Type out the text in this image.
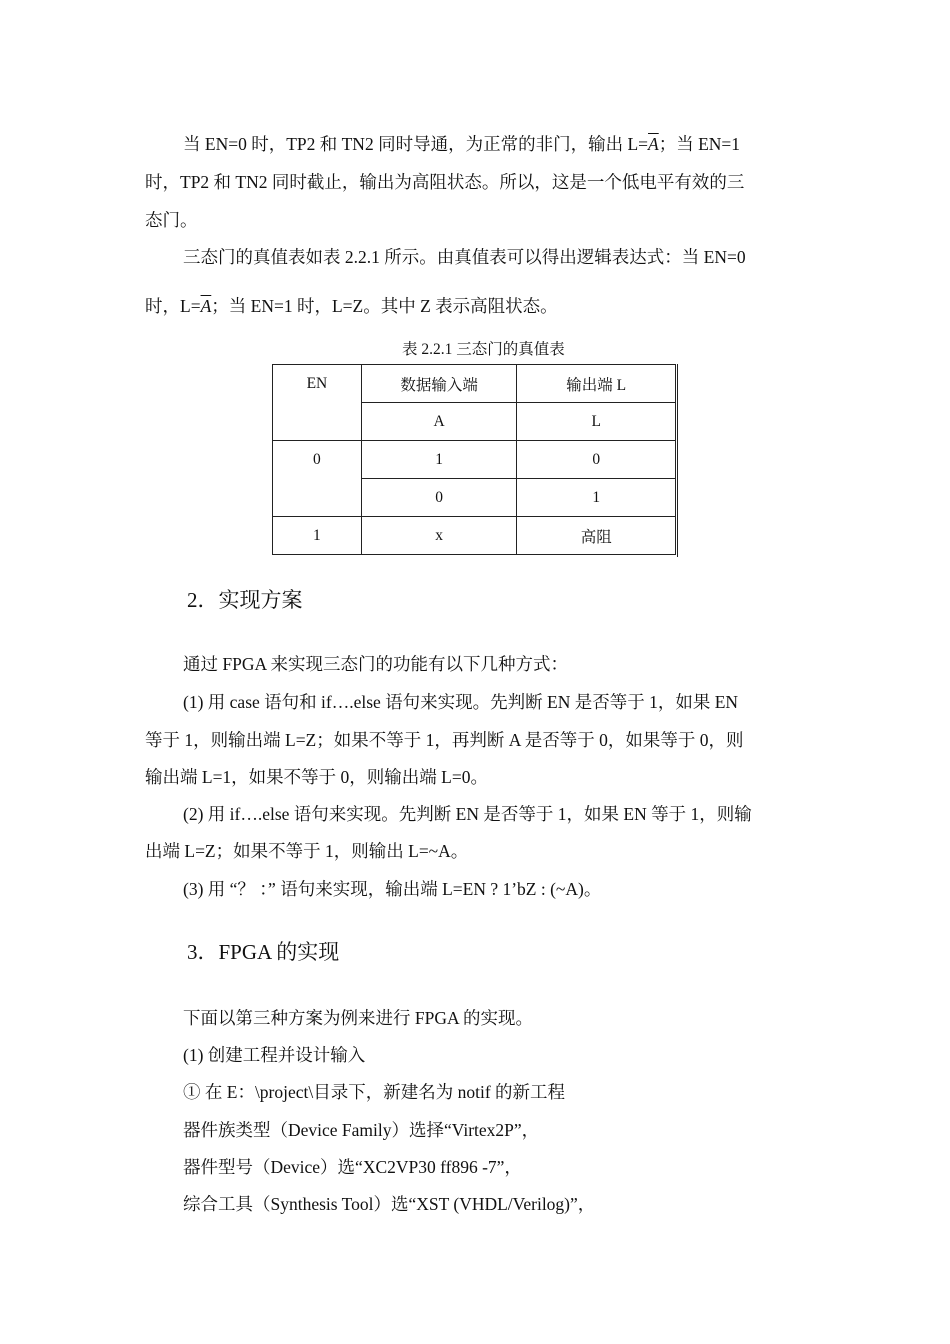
当 EN=0 时，TP2 和 TN2 同时导通，为正常的非门，输出 $L=\overline{A}$；当 EN=1
时，TP2 和 TN2 同时截止，输出为高阻状态。所以，这是一个低电平有效的三
态门。
三态门的真值表如表 2.2.1 所示。由真值表可以得出逻辑表达式：当 EN=0
时，$L=\overline{A}$；当 EN=1 时，L=Z。其中 Z 表示高阻状态。
表 2.2.1 三态门的真值表
EN	数据输入端	输出端 L
	A	L
0	1	0
	0	1
1	x	高阻
2．实现方案
通过 FPGA 来实现三态门的功能有以下几种方式：
(1) 用 case 语句和 if….else 语句来实现。先判断 EN 是否等于 1，如果 EN
等于 1，则输出端 L=Z；如果不等于 1，再判断 A 是否等于 0，如果等于 0，则
输出端 L=1，如果不等于 0，则输出端 L=0。
(2) 用 if….else 语句来实现。先判断 EN 是否等于 1，如果 EN 等于 1，则输
出端 L=Z；如果不等于 1，则输出 L=~A。
(3) 用 “？ ：” 语句来实现，输出端 L=EN ? 1’bZ : (~A)。
3．FPGA 的实现
下面以第三种方案为例来进行 FPGA 的实现。
(1) 创建工程并设计输入
① 在 E：\project\目录下，新建名为 notif 的新工程
器件族类型（Device Family）选择“Virtex2P”，
器件型号（Device）选“XC2VP30 ff896 -7”，
综合工具（Synthesis Tool）选“XST (VHDL/Verilog)”，
